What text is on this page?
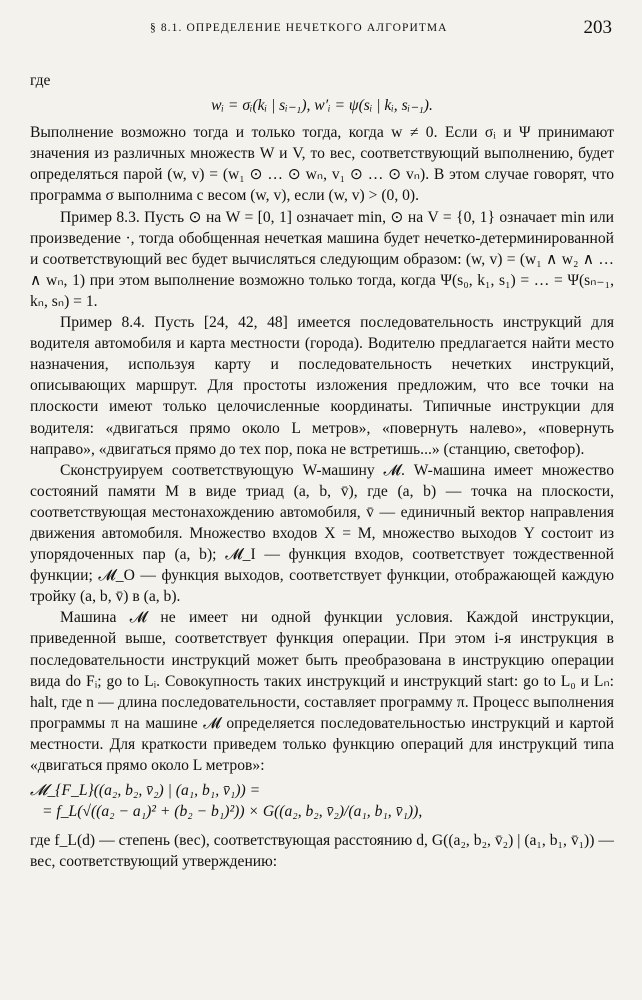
§ 8.1. ОПРЕДЕЛЕНИЕ НЕЧЕТКОГО АЛГОРИТМА	203

где

wᵢ = σᵢ(kᵢ | sᵢ₋₁), w′ᵢ = ψ(sᵢ | kᵢ, sᵢ₋₁).

Выполнение возможно тогда и только тогда, когда w ≠ 0. Если σᵢ и Ψ принимают значения из различных множеств W и V, то вес, соответствующий выполнению, будет определяться парой (w, v) = (w₁ ⊙ … ⊙ wₙ, v₁ ⊙ … ⊙ vₙ). В этом случае говорят, что программа σ выполнима с весом (w, v), если (w, v) > (0, 0).

Пример 8.3. Пусть ⊙ на W = [0, 1] означает min, ⊙ на V = {0, 1} означает min или произведение ·, тогда обобщенная нечеткая машина будет нечетко-детерминированной и соответствующий вес будет вычисляться следующим образом: (w, v) = (w₁ ∧ w₂ ∧ … ∧ wₙ, 1) при этом выполнение возможно только тогда, когда Ψ(s₀, k₁, s₁) = … = Ψ(sₙ₋₁, kₙ, sₙ) = 1.

Пример 8.4. Пусть [24, 42, 48] имеется последовательность инструкций для водителя автомобиля и карта местности (города). Водителю предлагается найти место назначения, используя карту и последовательность нечетких инструкций, описывающих маршрут. Для простоты изложения предложим, что все точки на плоскости имеют только целочисленные координаты. Типичные инструкции для водителя: «двигаться прямо около L метров», «повернуть налево», «повернуть направо», «двигаться прямо до тех пор, пока не встретишь...» (станцию, светофор).

Сконструируем соответствующую W-машину 𝓜. W-машина имеет множество состояний памяти M в виде триад (a, b, v̄), где (a, b) — точка на плоскости, соответствующая местонахождению автомобиля, v̄ — единичный вектор направления движения автомобиля. Множество входов X = M, множество выходов Y состоит из упорядоченных пар (a, b); 𝓜_I — функция входов, соответствует тождественной функции; 𝓜_O — функция выходов, соответствует функции, отображающей каждую тройку (a, b, v̄) в (a, b).

Машина 𝓜 не имеет ни одной функции условия. Каждой инструкции, приведенной выше, соответствует функция операции. При этом i-я инструкция в последовательности инструкций может быть преобразована в инструкцию операции вида do Fᵢ; go to Lᵢ. Совокупность таких инструкций и инструкций start: go to L₀ и Lₙ: halt, где n — длина последовательности, составляет программу π. Процесс выполнения программы π на машине 𝓜 определяется последовательностью инструкций и картой местности. Для краткости приведем только функцию операций для инструкций типа «двигаться прямо около L метров»:

𝓜_{F_L}((a₂, b₂, v̄₂) | (a₁, b₁, v̄₁)) =

= f_L(√((a₂ − a₁)² + (b₂ − b₁)²)) × G((a₂, b₂, v̄₂)/(a₁, b₁, v̄₁)),

где f_L(d) — степень (вес), соответствующая расстоянию d, G((a₂, b₂, v̄₂) | (a₁, b₁, v̄₁)) — вес, соответствующий утверждению:
